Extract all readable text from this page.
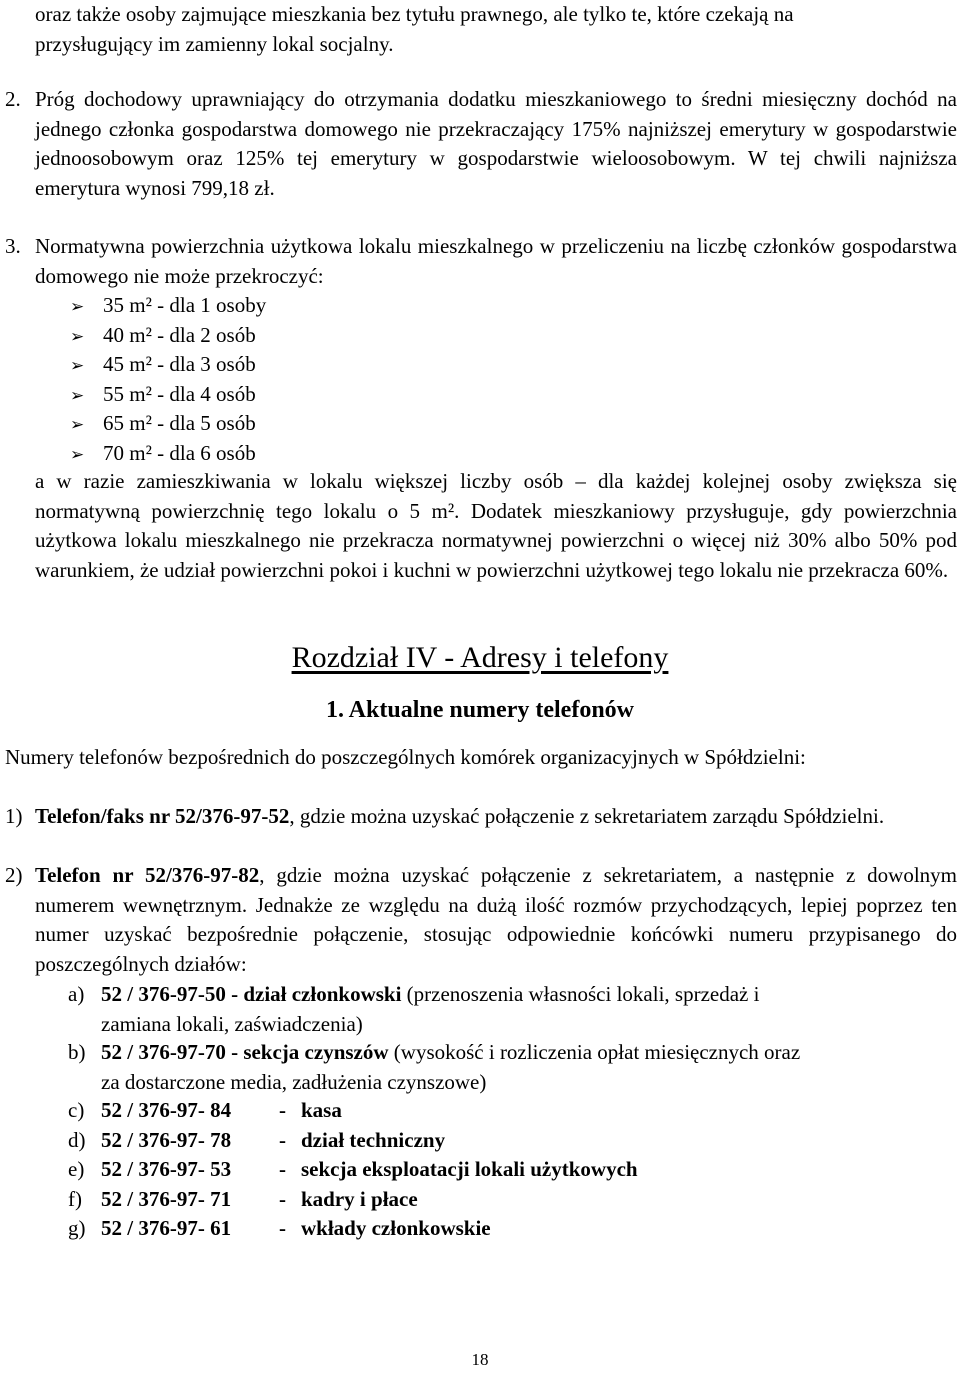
oraz także osoby zajmujące mieszkania bez tytułu prawnego, ale tylko te, które czekają na

przysługujący im zamienny lokal socjalny.

2. Próg dochodowy uprawniający do otrzymania dodatku mieszkaniowego to średni miesięczny dochód na jednego członka gospodarstwa domowego nie przekraczający 175% najniższej emerytury w gospodarstwie jednoosobowym oraz 125% tej emerytury w gospodarstwie wieloosobowym. W tej chwili najniższa emerytura wynosi 799,18 zł.

3. Normatywna powierzchnia użytkowa lokalu mieszkalnego w przeliczeniu na liczbę członków gospodarstwa domowego nie może przekroczyć:

➢ 35 m² - dla 1 osoby
➢ 40 m² - dla 2 osób
➢ 45 m² - dla 3 osób
➢ 55 m² - dla 4 osób
➢ 65 m² - dla 5 osób
➢ 70 m² - dla 6 osób

a w razie zamieszkiwania w lokalu większej liczby osób – dla każdej kolejnej osoby zwiększa się normatywną powierzchnię tego lokalu o 5 m². Dodatek mieszkaniowy przysługuje, gdy powierzchnia użytkowa lokalu mieszkalnego nie przekracza normatywnej powierzchni o więcej niż 30% albo 50% pod warunkiem, że udział powierzchni pokoi i kuchni w powierzchni użytkowej tego lokalu nie przekracza 60%.

Rozdział IV - Adresy i telefony
1. Aktualne numery telefonów

Numery telefonów bezpośrednich do poszczególnych komórek organizacyjnych w Spółdzielni:

1) Telefon/faks nr 52/376-97-52, gdzie można uzyskać połączenie z sekretariatem zarządu Spółdzielni.

2) Telefon nr 52/376-97-82, gdzie można uzyskać połączenie z sekretariatem, a następnie z dowolnym numerem wewnętrznym. Jednakże ze względu na dużą ilość rozmów przychodzących, lepiej poprzez ten numer uzyskać bezpośrednie połączenie, stosując odpowiednie końcówki numeru przypisanego do poszczególnych działów:

a) 52 / 376-97-50 - dział członkowski (przenoszenia własności lokali, sprzedaż i
zamiana lokali, zaświadczenia)
b) 52 / 376-97-70 - sekcja czynszów (wysokość i rozliczenia opłat miesięcznych oraz
za dostarczone media, zadłużenia czynszowe)
c) 52 / 376-97- 84 - kasa
d) 52 / 376-97- 78 - dział techniczny
e) 52 / 376-97- 53 - sekcja eksploatacji lokali użytkowych
f) 52 / 376-97- 71 - kadry i płace
g) 52 / 376-97- 61 - wkłady członkowskie
18
